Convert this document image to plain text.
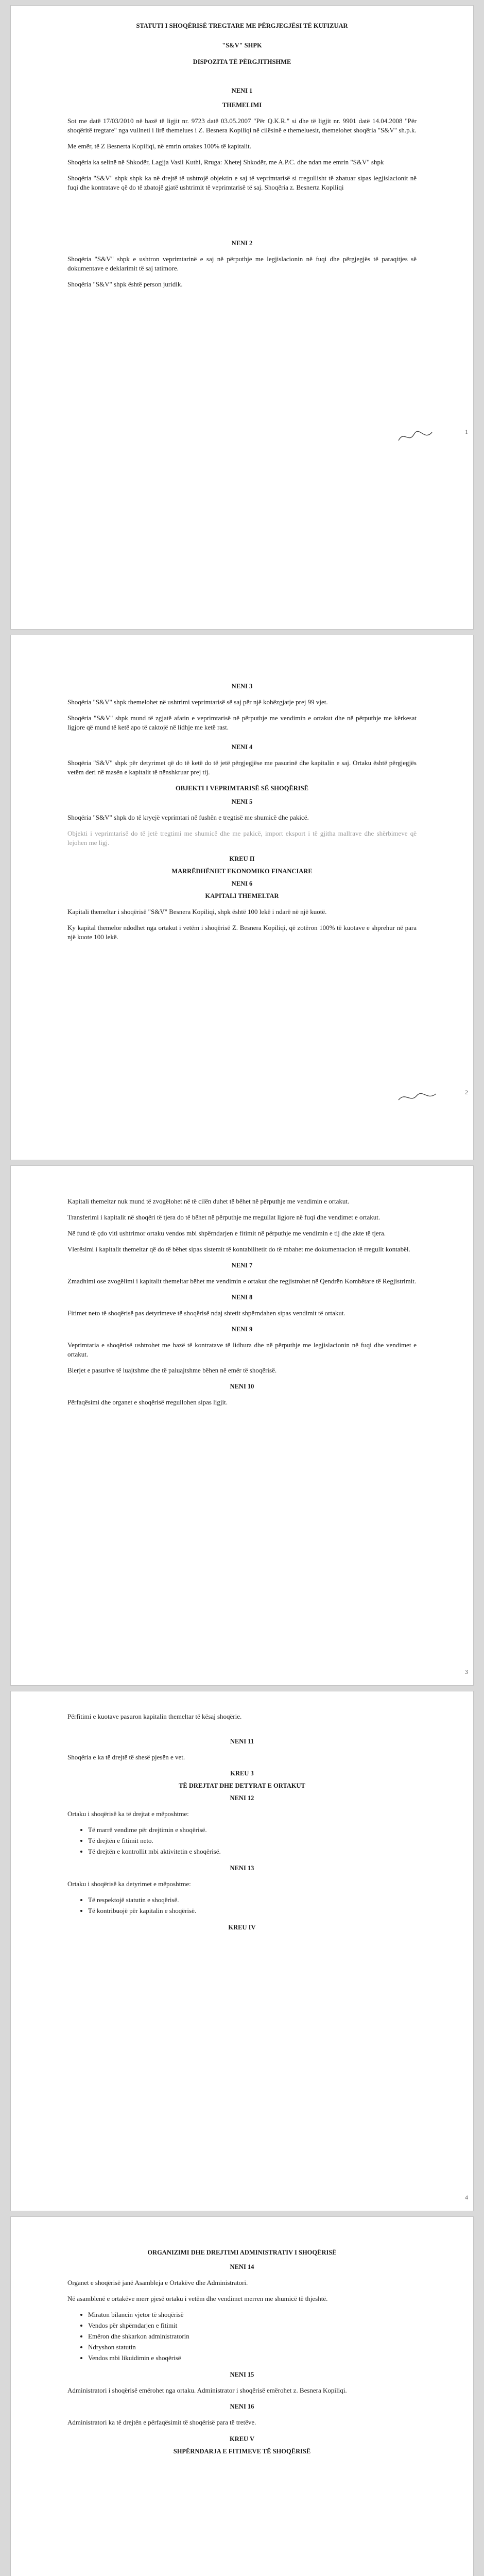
STATUTI I SHOQËRISË TREGTARE ME PËRGJEGJËSI TË KUFIZUAR
"S&V" SHPK
DISPOZITA TË PËRGJITHSHME
NENI 1
THEMELIMI

Sot me datë 17/03/2010 në bazë të ligjit nr. 9723 datë 03.05.2007 "Për Q.K.R." si dhe të ligjit nr. 9901 datë 14.04.2008 "Për shoqëritë tregtare" nga vullneti i lirë themelues i Z. Besnera Kopiliqi në cilësinë e themeluesit, themelohet shoqëria "S&V" sh.p.k.

Me emër, të Z Besnerta Kopiliqi, në emrin ortakes 100% të kapitalit.

Shoqëria ka selinë në Shkodër, Lagjja Vasil Kuthi, Rruga: Xhetej Shkodër, me A.P.C. dhe ndan me emrin "S&V" shpk

Shoqëria "S&V" shpk shpk ka në drejtë të ushtrojë objektin e saj të veprimtarisë si rregullisht të zbatuar sipas legjislacionit në fuqi dhe kontratave që do të zbatojë gjatë ushtrimit të veprimtarisë të saj. Shoqëria z. Besnerta Kopiliqi

NENI 2

Shoqëria "S&V" shpk e ushtron veprimtarinë e saj në përputhje me legjislacionin në fuqi dhe përgjegjës të paraqitjes së dokumentave e deklarimit të saj tatimore.

Shoqëria "S&V" shpk është person juridik.

1
NENI 3

Shoqëria "S&V" shpk themelohet në ushtrimi veprimtarisë së saj për një kohëzgjatje prej 99 vjet.

Shoqëria "S&V" shpk mund të zgjatë afatin e veprimtarisë në përputhje me vendimin e ortakut dhe në përputhje me kërkesat ligjore që mund të ketë apo të caktojë në lidhje me ketë rast.

NENI 4

Shoqëria "S&V" shpk për detyrimet që do të ketë do të jetë përgjegjëse me pasurinë dhe kapitalin e saj. Ortaku është përgjegjës vetëm deri në masën e kapitalit të nënshkruar prej tij.

OBJEKTI I VEPRIMTARISË SË SHOQËRISË
NENI 5

Shoqëria "S&V" shpk do të kryejë veprimtari në fushën e tregtisë me shumicë dhe pakicë.

Objekti i veprimtarisë do të jetë tregtimi me shumicë dhe me pakicë, import eksport i të gjitha mallrave dhe shërbimeve që lejohen me ligj.

KREU II
MARRËDHËNIET EKONOMIKO FINANCIARE
NENI 6
KAPITALI THEMELTAR

Kapitali themeltar i shoqërisë "S&V" Besnera Kopiliqi, shpk është 100 lekë i ndarë në një kuotë.

Ky kapital themelor ndodhet nga ortakut i vetëm i shoqërisë Z. Besnera Kopiliqi, që zotëron 100% të kuotave e shprehur në para një kuote 100 lekë.

2

Kapitali themeltar nuk mund të zvogëlohet në të cilën duhet të bëhet në përputhje me vendimin e ortakut.

Transferimi i kapitalit në shoqëri të tjera do të bëhet në përputhje me rregullat ligjore në fuqi dhe vendimet e ortakut.

Në fund të çdo viti ushtrimor ortaku vendos mbi shpërndarjen e fitimit në përputhje me vendimin e tij dhe akte të tjera.

Vlerësimi i kapitalit themeltar që do të bëhet sipas sistemit të kontabilitetit do të mbahet me dokumentacion të rregullt kontabël.

NENI 7

Zmadhimi ose zvogëlimi i kapitalit themeltar bëhet me vendimin e ortakut dhe regjistrohet në Qendrën Kombëtare të Regjistrimit.

NENI 8

Fitimet neto të shoqërisë pas detyrimeve të shoqërisë ndaj shtetit shpërndahen sipas vendimit të ortakut.

NENI 9

Veprimtaria e shoqërisë ushtrohet me bazë të kontratave të lidhura dhe në përputhje me legjislacionin në fuqi dhe vendimet e ortakut.

Blerjet e pasurive të luajtshme dhe të paluajtshme bëhen në emër të shoqërisë.

NENI 10

Përfaqësimi dhe organet e shoqërisë rregullohen sipas ligjit.

3

Përfitimi e kuotave pasuron kapitalin themeltar të kësaj shoqërie.

NENI 11

Shoqëria e ka të drejtë të shesë pjesën e vet.

KREU 3
TË DREJTAT DHE DETYRAT E ORTAKUT
NENI 12

Ortaku i shoqërisë ka të drejtat e mëposhtme:

• Të marrë vendime për drejtimin e shoqërisë.
• Të drejtën e fitimit neto.
• Të drejtën e kontrollit mbi aktivitetin e shoqërisë.
NENI 13

Ortaku i shoqërisë ka detyrimet e mëposhtme:

• Të respektojë statutin e shoqërisë.
• Të kontribuojë për kapitalin e shoqërisë.
KREU IV
4
ORGANIZIMI DHE DREJTIMI ADMINISTRATIV I SHOQËRISË
NENI 14

Organet e shoqërisë janë Asambleja e Ortakëve dhe Administratori.

Në asamblenë e ortakëve merr pjesë ortaku i vetëm dhe vendimet merren me shumicë të thjeshtë.

• Miraton bilancin vjetor të shoqërisë
• Vendos për shpërndarjen e fitimit
• Emëron dhe shkarkon administratorin
• Ndryshon statutin
• Vendos mbi likuidimin e shoqërisë
NENI 15

Administratori i shoqërisë emërohet nga ortaku. Administrator i shoqërisë emërohet z. Besnera Kopiliqi.

NENI 16

Administratori ka të drejtën e përfaqësimit të shoqërisë para të tretëve.

KREU V
SHPËRNDARJA E FITIMEVE TË SHOQËRISË
